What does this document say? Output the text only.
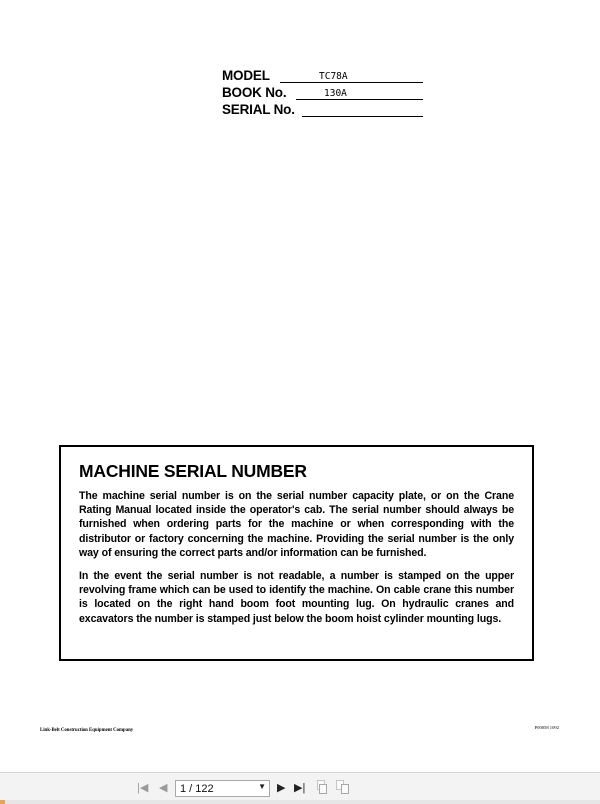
MODEL	TC78A
BOOK No.	130A
SERIAL No.
MACHINE SERIAL NUMBER

The machine serial number is on the serial number capacity plate, or on the Crane Rating Manual located inside the operator's cab. The serial number should always be furnished when ordering parts for the machine or when corresponding with the distributor or factory concerning the machine. Providing the serial number is the only way of ensuring the correct parts and/or information can be furnished.

In the event the serial number is not readable, a number is stamped on the upper revolving frame which can be used to identify the machine. On cable crane this number is located on the right hand boom foot mounting lug. On hydraulic cranes and excavators the number is stamped just below the boom hoist cylinder mounting lugs.

Link-Belt Construction Equipment Company
P00058 1092
|◀ ◀ 1 / 122	▼ ▶ ▶|
